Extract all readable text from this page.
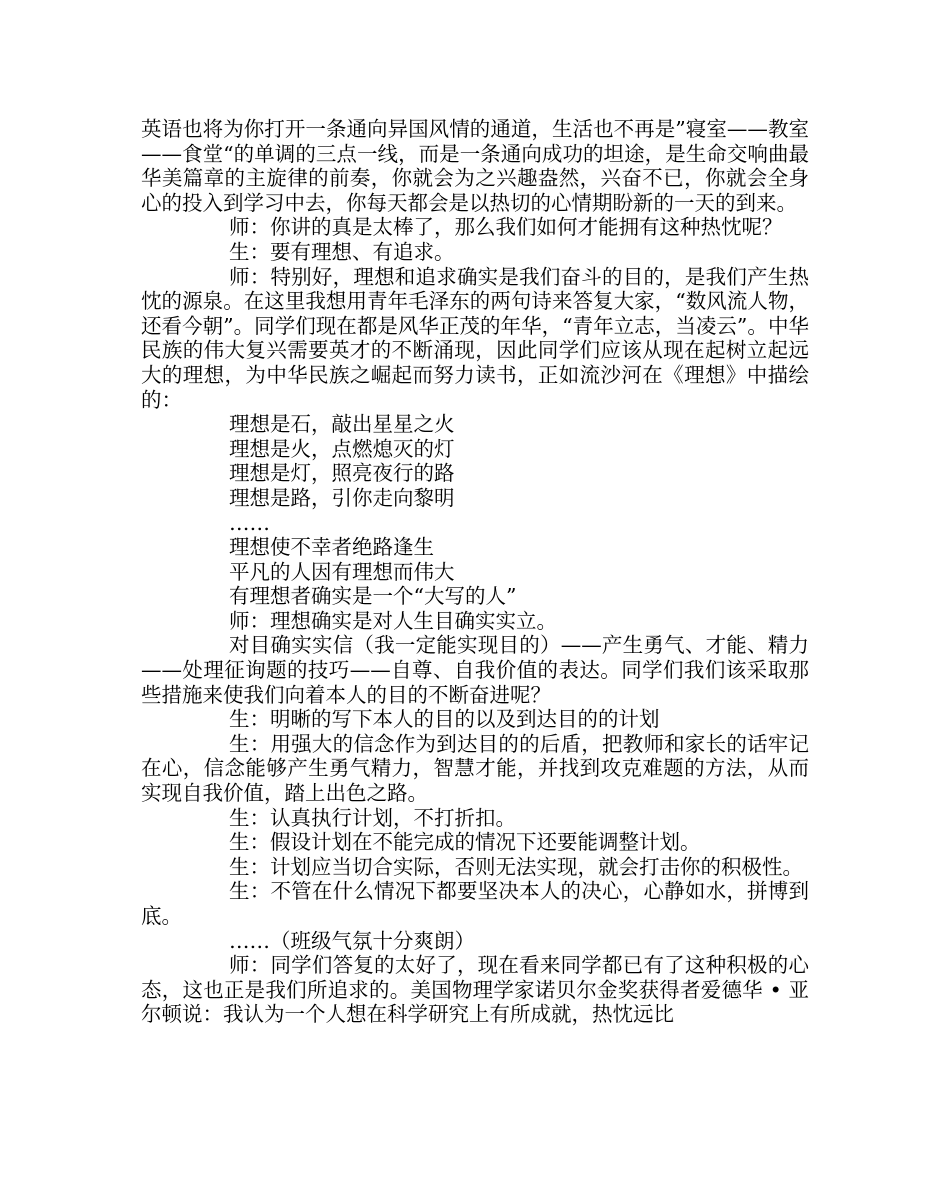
英语也将为你打开一条通向异国风情的通道，生活也不再是”寝室——教室——食堂“的单调的三点一线，而是一条通向成功的坦途，是生命交响曲最华美篇章的主旋律的前奏，你就会为之兴趣盎然，兴奋不已，你就会全身心的投入到学习中去，你每天都会是以热切的心情期盼新的一天的到来。

师：你讲的真是太棒了，那么我们如何才能拥有这种热忱呢？

生：要有理想、有追求。

师：特别好，理想和追求确实是我们奋斗的目的，是我们产生热忱的源泉。在这里我想用青年毛泽东的两句诗来答复大家，“数风流人物，还看今朝”。同学们现在都是风华正茂的年华，“青年立志，当凌云”。中华民族的伟大复兴需要英才的不断涌现，因此同学们应该从现在起树立起远大的理想，为中华民族之崛起而努力读书，正如流沙河在《理想》中描绘的：

理想是石，敲出星星之火

理想是火，点燃熄灭的灯

理想是灯，照亮夜行的路

理想是路，引你走向黎明

……

理想使不幸者绝路逢生

平凡的人因有理想而伟大

有理想者确实是一个“大写的人”

师：理想确实是对人生目确实实立。

对目确实实信（我一定能实现目的）——产生勇气、才能、精力——处理征询题的技巧——自尊、自我价值的表达。同学们我们该采取那些措施来使我们向着本人的目的不断奋进呢？

生：明晰的写下本人的目的以及到达目的的计划

生：用强大的信念作为到达目的的后盾，把教师和家长的话牢记在心，信念能够产生勇气精力，智慧才能，并找到攻克难题的方法，从而实现自我价值，踏上出色之路。

生：认真执行计划，不打折扣。

生：假设计划在不能完成的情况下还要能调整计划。

生：计划应当切合实际，否则无法实现，就会打击你的积极性。

生：不管在什么情况下都要坚决本人的决心，心静如水，拼博到底。

……（班级气氛十分爽朗）

师：同学们答复的太好了，现在看来同学都已有了这种积极的心态，这也正是我们所追求的。美国物理学家诺贝尔金奖获得者爱德华 • 亚尔顿说：我认为一个人想在科学研究上有所成就，热忱远比
